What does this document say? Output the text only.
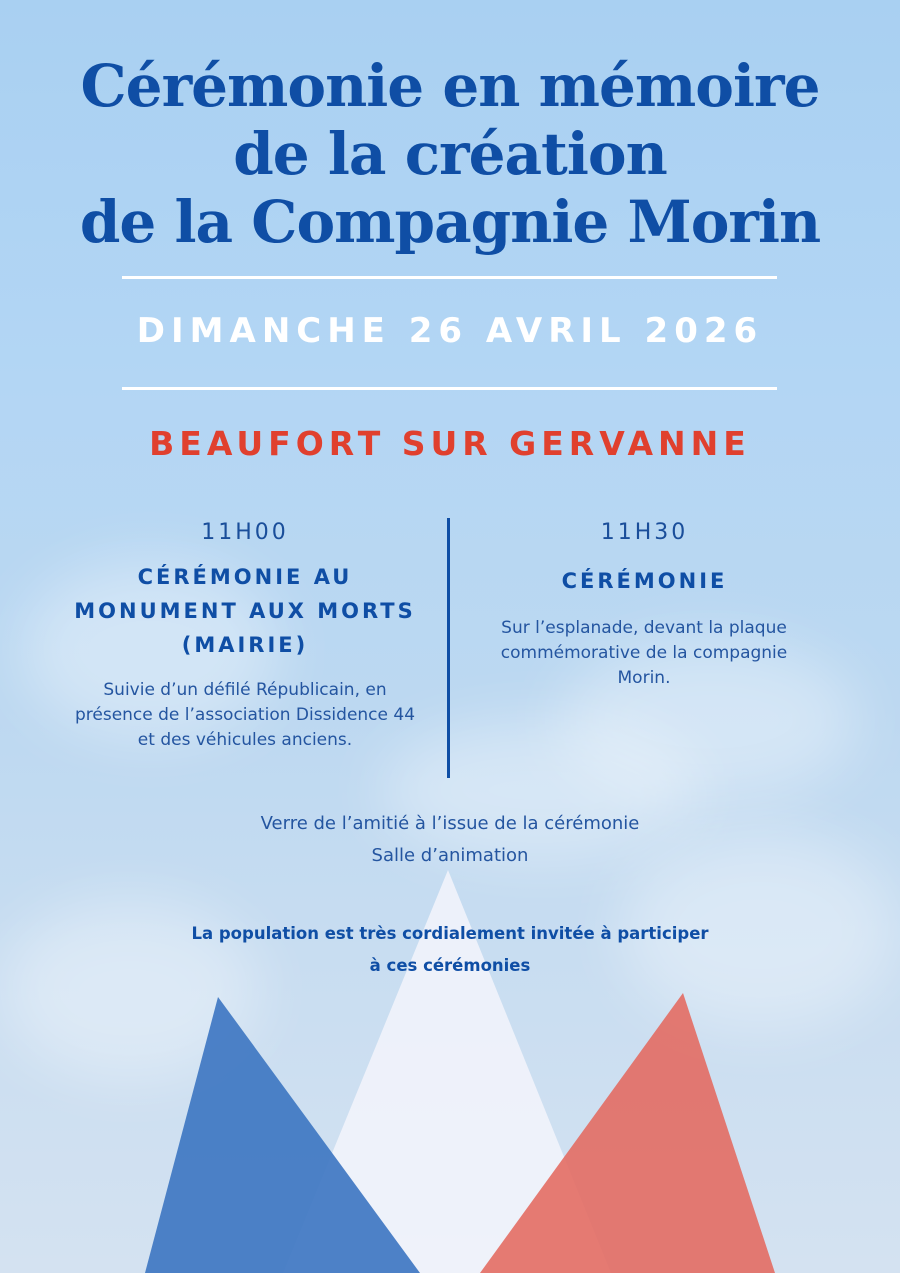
Cérémonie en mémoire
de la création
de la Compagnie Morin
DIMANCHE 26 AVRIL 2026
BEAUFORT SUR GERVANNE
11H00
CÉRÉMONIE AU
MONUMENT AUX MORTS
(MAIRIE)
Suivie d’un défilé Républicain, en
présence de l’association Dissidence 44
et des véhicules anciens.
11H30
CÉRÉMONIE
Sur l’esplanade, devant la plaque
commémorative de la compagnie
Morin.
Verre de l’amitié à l’issue de la cérémonie
Salle d’animation
La population est très cordialement invitée à participer
à ces cérémonies
